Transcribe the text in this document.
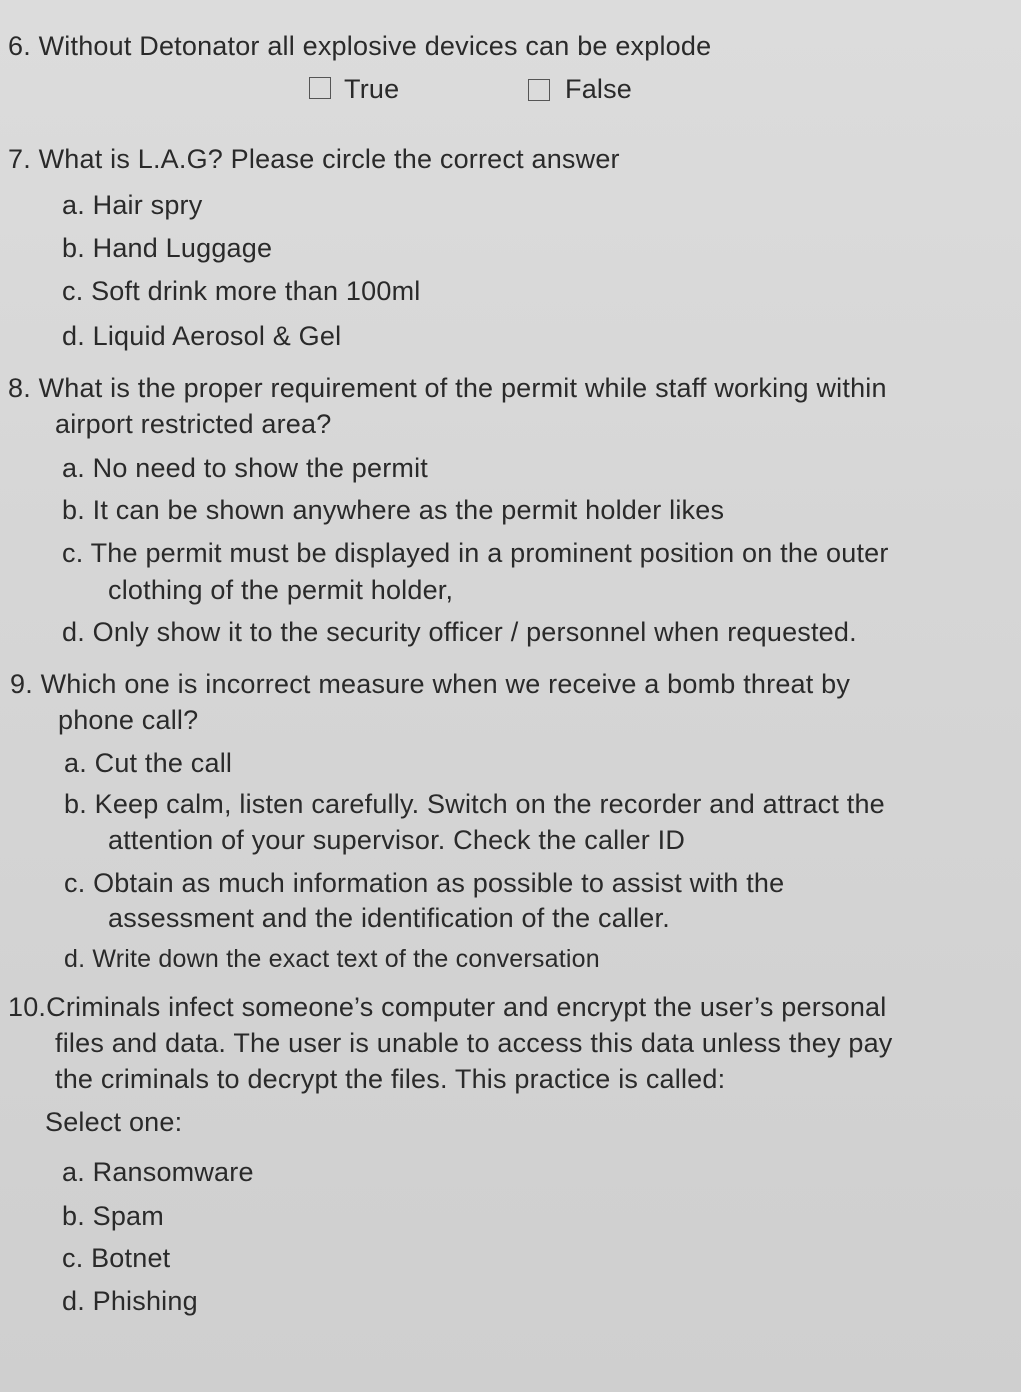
6. Without Detonator all explosive devices can be explode
True	False
7. What is L.A.G? Please circle the correct answer
a. Hair spry
b. Hand Luggage
c. Soft drink more than 100ml
d. Liquid Aerosol & Gel
8. What is the proper requirement of the permit while staff working within
airport restricted area?
a. No need to show the permit
b. It can be shown anywhere as the permit holder likes
c. The permit must be displayed in a prominent position on the outer
clothing of the permit holder,
d. Only show it to the security officer / personnel when requested.
9. Which one is incorrect measure when we receive a bomb threat by
phone call?
a. Cut the call
b. Keep calm, listen carefully. Switch on the recorder and attract the
attention of your supervisor. Check the caller ID
c. Obtain as much information as possible to assist with the
assessment and the identification of the caller.
d. Write down the exact text of the conversation
10.Criminals infect someone’s computer and encrypt the user’s personal
files and data. The user is unable to access this data unless they pay
the criminals to decrypt the files. This practice is called:
Select one:
a. Ransomware
b. Spam
c. Botnet
d. Phishing
